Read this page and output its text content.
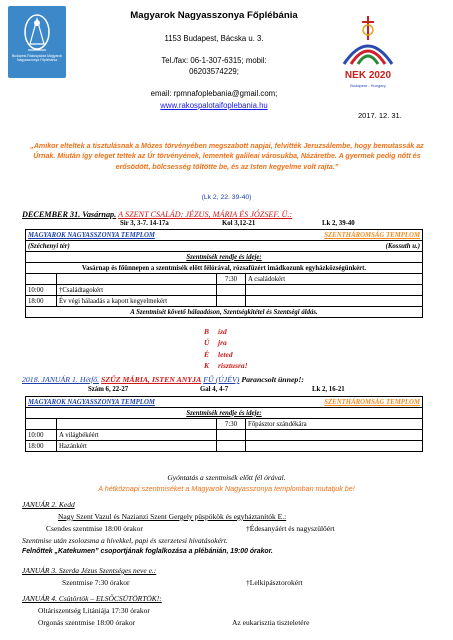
Budapest-Rákospalota Magyarok Nagyasszonya Főplébánia
Magyarok Nagyasszonya Főplébánia
1153 Budapest, Bácska u. 3.
Tel./fax: 06-1-307-6315; mobil:
06203574229;
email: rpmnafoplebania@gmail.com;
www.rakospalotaifoplebania.hu
NEK 2020
Budapest - Hungary
2017. 12. 31.
„Amikor elteltek a tisztulásnak a Mózes törvényében megszabott napjai, felvitték Jeruzsálembe, hogy bemutassák az Úrnak. Miután így eleget tettek az Úr törvényének, lementek galileai városukba, Názáretbe. A gyermek pedig nőtt és erősödött, bölcsesség töltötte be, és az Isten kegyelme volt rajta.”
(Lk 2, 22. 39-40)
DECEMBER 31. Vasárnap. A SZENT CSALÁD: JÉZUS, MÁRIA ÉS JÓZSEF. Ü.:
Sir 3, 3-7. 14-17a	Kol 3,12-21	Lk 2, 39-40
MAGYAROK NAGYASSZONYA TEMPLOM		SZENTHÁROMSÁG TEMPLOM	
(Széchenyi tér)		(Kossuth u.)	
Szentmisék rendje és ideje:			
Vasárnap és főünnepen a szentmisék előtt félórával, rózsafüzért imádkozunk egyházközségünkért.			
		7:30	A családokért
10:00	†Családtagokért		
18:00	Év végi hálaadás a kapott kegyelmekért		
A Szentmisét követő hálaadáson, Szentségkitétel és Szentségi áldás.			
B ízd
Ú jra
É leted
K risztusra!
2018. JANUÁR 1. Hétfő. SZŰZ MÁRIA, ISTEN ANYJA FŰ (ÚJÉV) Parancsolt ünnep!:
Szám 6, 22-27	Gal 4, 4-7	Lk 2, 16-21
MAGYAROK NAGYASSZONYA TEMPLOM		SZENTHÁROMSÁG TEMPLOM	
Szentmisék rendje és ideje:			
		7:30	Főpásztor szándékára
10:00	A világbékéért		
18:00	Hazánkért		
Gyóntatás a szentmisék előtt fél órával.
A hétköznapi szentmiséket a Magyarok Nagyasszonya templomban mutatjuk be!
JANUÁR 2. Kedd
Nagy Szent Vazul és Nazianzi Szent Gergely püspökök és egyháztanítók E.:
Csendes szentmise 18:00 órakor	†Édesanyáért és nagyszülőért
Szentmise után zsolozsma a hívekkel, papi és szerzetesi hivatásokért.
Felnőttek „Katekumen” csoportjának foglalkozása a plébánián, 19:00 órakor.
JANUÁR 3. Szerda Jézus Szentséges neve e.:
Szentmise 7:30 órakor	†Lelkipásztorokért
JANUÁR 4. Csütörtök – ELSŐCSÜTÖRTÖK!:
Oltáriszentség Litániája 17:30 órakor
Orgonás szentmise 18:00 órakor	Az eukarisztia tiszteletére
